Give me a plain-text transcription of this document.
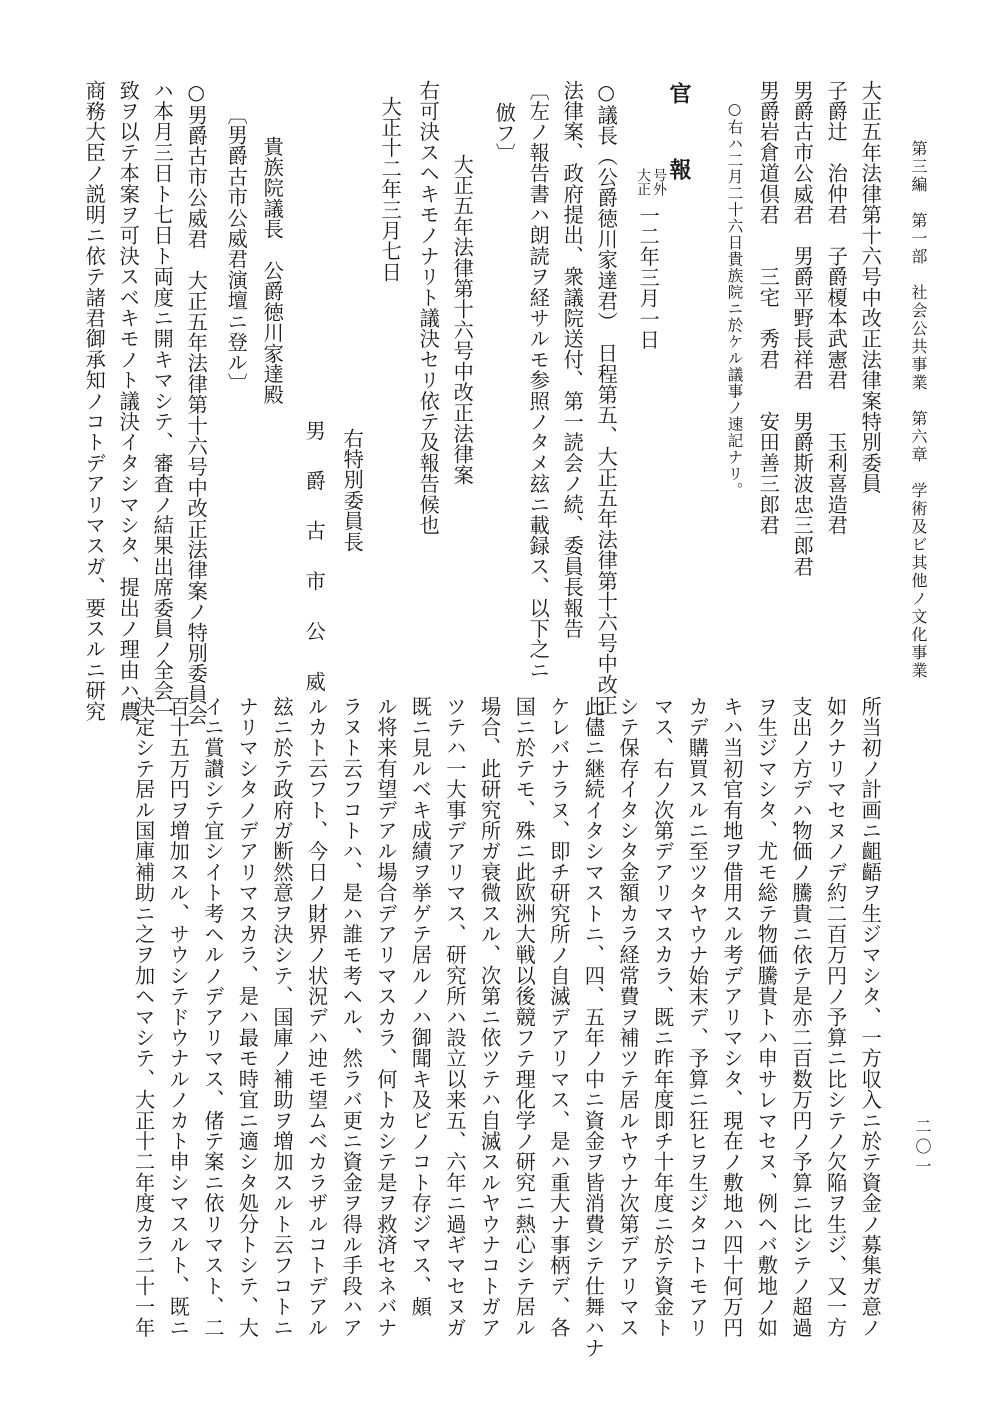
第三編　第一部　社会公共事業　第六章　学術及ビ其他ノ文化事業
二〇一
大正五年法律第十六号中改正法律案特別委員
子爵辻　治仲君　子爵榎本武憲君　　玉利喜造君
男爵古市公威君　男爵平野長祥君　男爵斯波忠三郎君
男爵岩倉道倶君　　三宅　秀君　　安田善三郎君
○右ハ二月二十六日貴族院ニ於ケル議事ノ速記ナリ。
官　報
号外
大正
一二年三月一日
○議長（公爵徳川家達君）　日程第五、大正五年法律第十六号中改正
法律案、政府提出、衆議院送付、第一読会ノ続、委員長報告
〔左ノ報告書ハ朗読ヲ経サルモ参照ノタメ玆ニ載録ス、以下之ニ
倣フ〕
大正五年法律第十六号中改正法律案
右可決スヘキモノナリト議決セリ依テ及報告候也
大正十二年三月七日
右特別委員長
男爵古市公威
貴族院議長　公爵徳川家達殿
〔男爵古市公威君演壇ニ登ル〕
○男爵古市公威君　大正五年法律第十六号中改正法律案ノ特別委員会
ハ本月三日ト七日ト両度ニ開キマシテ、審査ノ結果出席委員ノ全会一
致ヲ以テ本案ヲ可決スベキモノト議決イタシマシタ、提出ノ理由ハ農
商務大臣ノ説明ニ依テ諸君御承知ノコトデアリマスガ、要スルニ研究
所当初ノ計画ニ齟齬ヲ生ジマシタ、一方収入ニ於テ資金ノ募集ガ意ノ
如クナリマセヌノデ約二百万円ノ予算ニ比シテノ欠陥ヲ生ジ、又一方
支出ノ方デハ物価ノ騰貴ニ依テ是亦二百数万円ノ予算ニ比シテノ超過
ヲ生ジマシタ、尤モ総テ物価騰貴トハ申サレマセヌ、例ヘバ敷地ノ如
キハ当初官有地ヲ借用スル考デアリマシタ、現在ノ敷地ハ四十何万円
カデ購買スルニ至ツタヤウナ始末デ、予算ニ狂ヒヲ生ジタコトモアリ
マス、右ノ次第デアリマスカラ、既ニ昨年度即チ十年度ニ於テ資金ト
シテ保存イタシタ金額カラ経常費ヲ補ツテ居ルヤウナ次第デアリマス
此儘ニ継続イタシマストニ、四、五年ノ中ニ資金ヲ皆消費シテ仕舞ハナ
ケレバナラヌ、即チ研究所ノ自滅デアリマス、是ハ重大ナ事柄デ、各
国ニ於テモ、殊ニ此欧洲大戦以後競フテ理化学ノ研究ニ熱心シテ居ル
場合、此研究所ガ衰微スル、次第ニ依ツテハ自滅スルヤウナコトガア
ツテハ一大事デアリマス、研究所ハ設立以来五、六年ニ過ギマセヌガ
既ニ見ルベキ成績ヲ挙ゲテ居ルノハ御聞キ及ビノコト存ジマス、頗
ル将来有望デアル場合デアリマスカラ、何トカシテ是ヲ救済セネバナ
ラヌト云フコトハ、是ハ誰モ考ヘル、然ラバ更ニ資金ヲ得ル手段ハア
ルカト云フト、今日ノ財界ノ状況デハ迚モ望ムベカラザルコトデアル
玆ニ於テ政府ガ断然意ヲ決シテ、国庫ノ補助ヲ増加スルト云フコトニ
ナリマシタノデアリマスカラ、是ハ最モ時宜ニ適シタ処分トシテ、大
イニ賞讃シテ宜シイト考ヘルノデアリマス、偖テ案ニ依リマスト、二
百十五万円ヲ増加スル、サウシテドウナルノカト申シマスルト、既ニ
決定シテ居ル国庫補助ニ之ヲ加ヘマシテ、大正十二年度カラ二十一年
